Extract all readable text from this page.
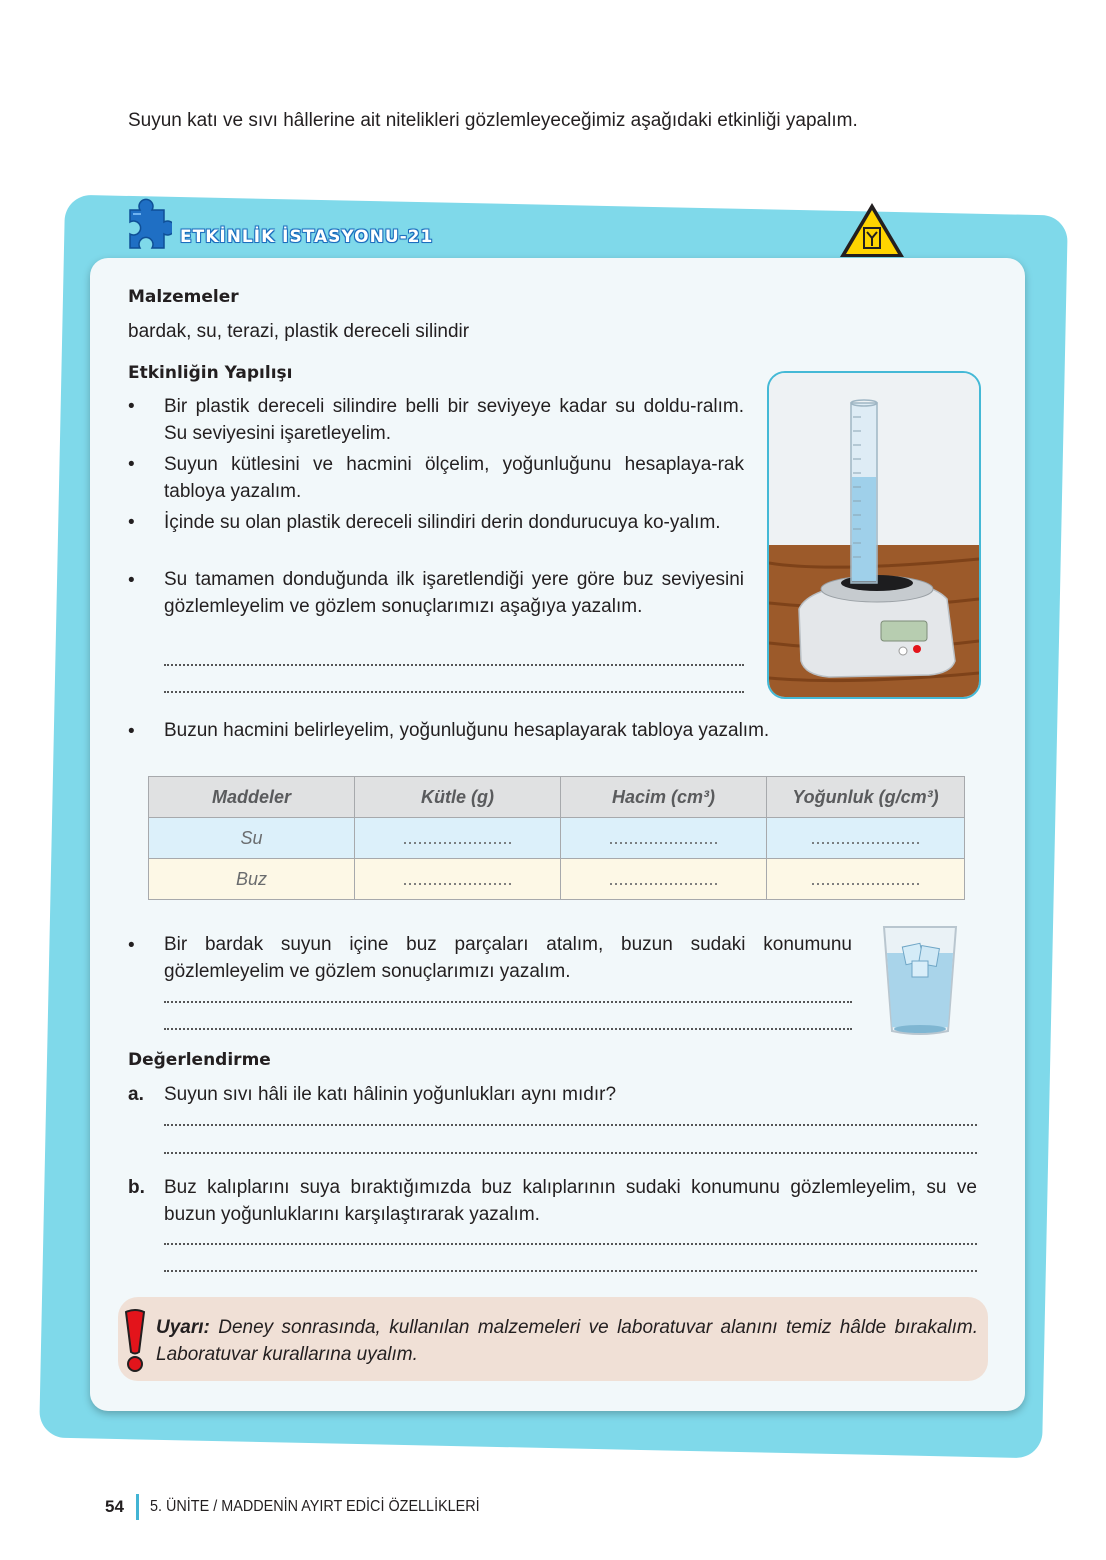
Suyun katı ve sıvı hâllerine ait nitelikleri gözlemleyeceğimiz aşağıdaki etkinliği yapalım.
ETKİNLİK İSTASYONU-21
Malzemeler
bardak, su, terazi, plastik dereceli silindir
Etkinliğin Yapılışı
• Bir plastik dereceli silindire belli bir seviyeye kadar su doldu-ralım. Su seviyesini işaretleyelim.
• Suyun kütlesini ve hacmini ölçelim, yoğunluğunu hesaplaya-rak tabloya yazalım.
• İçinde su olan plastik dereceli silindiri derin dondurucuya ko-yalım.
• Su tamamen donduğunda ilk işaretlendiği yere göre buz seviyesini gözlemleyelim ve gözlem sonuçlarımızı aşağıya yazalım.
• Buzun hacmini belirleyelim, yoğunluğunu hesaplayarak tabloya yazalım.
Maddeler	Kütle (g)	Hacim (cm³)	Yoğunluk (g/cm³)
Su	......................	......................	......................
Buz	......................	......................	......................
• Bir bardak suyun içine buz parçaları atalım, buzun sudaki konumunu gözlemleyelim ve gözlem sonuçlarımızı yazalım.
Değerlendirme
a. Suyun sıvı hâli ile katı hâlinin yoğunlukları aynı mıdır?
b. Buz kalıplarını suya bıraktığımızda buz kalıplarının sudaki konumunu gözlemleyelim, su ve buzun yoğunluklarını karşılaştırarak yazalım.
Uyarı: Deney sonrasında, kullanılan malzemeleri ve laboratuvar alanını temiz hâlde bırakalım. Laboratuvar kurallarına uyalım.
54 5. ÜNİTE / MADDENİN AYIRT EDİCİ ÖZELLİKLERİ
